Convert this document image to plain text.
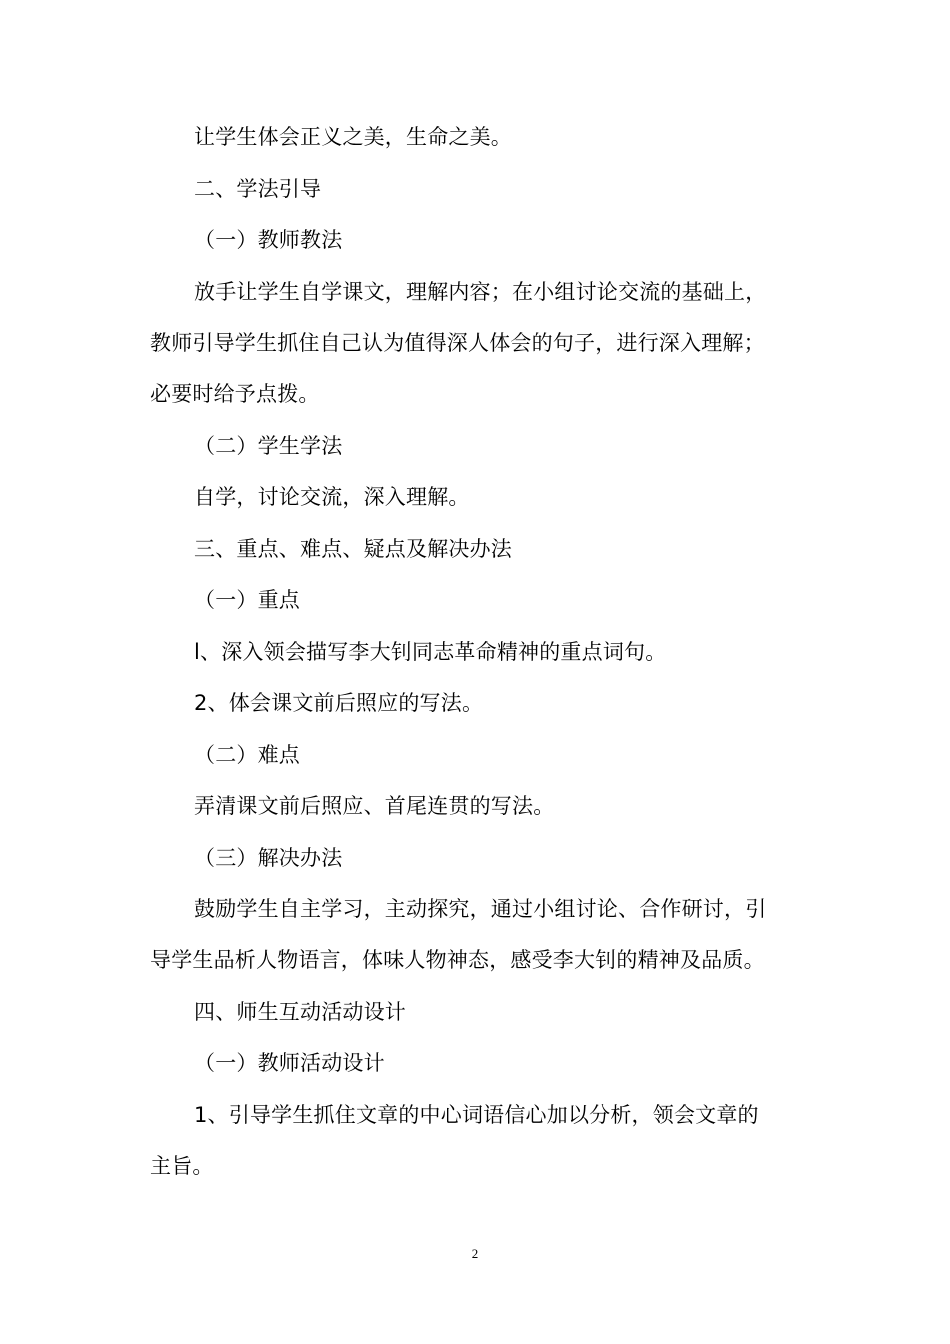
让学生体会正义之美，生命之美。
二、学法引导
（一）教师教法
放手让学生自学课文，理解内容；在小组讨论交流的基础上，
教师引导学生抓住自己认为值得深人体会的句子，进行深入理解；
必要时给予点拨。
（二）学生学法
自学，讨论交流，深入理解。
三、重点、难点、疑点及解决办法
（一）重点
l、深入领会描写李大钊同志革命精神的重点词句。
2、体会课文前后照应的写法。
（二）难点
弄清课文前后照应、首尾连贯的写法。
（三）解决办法
鼓励学生自主学习，主动探究，通过小组讨论、合作研讨，引
导学生品析人物语言，体味人物神态，感受李大钊的精神及品质。
四、师生互动活动设计
（一）教师活动设计
1、引导学生抓住文章的中心词语信心加以分析，领会文章的
主旨。
2
